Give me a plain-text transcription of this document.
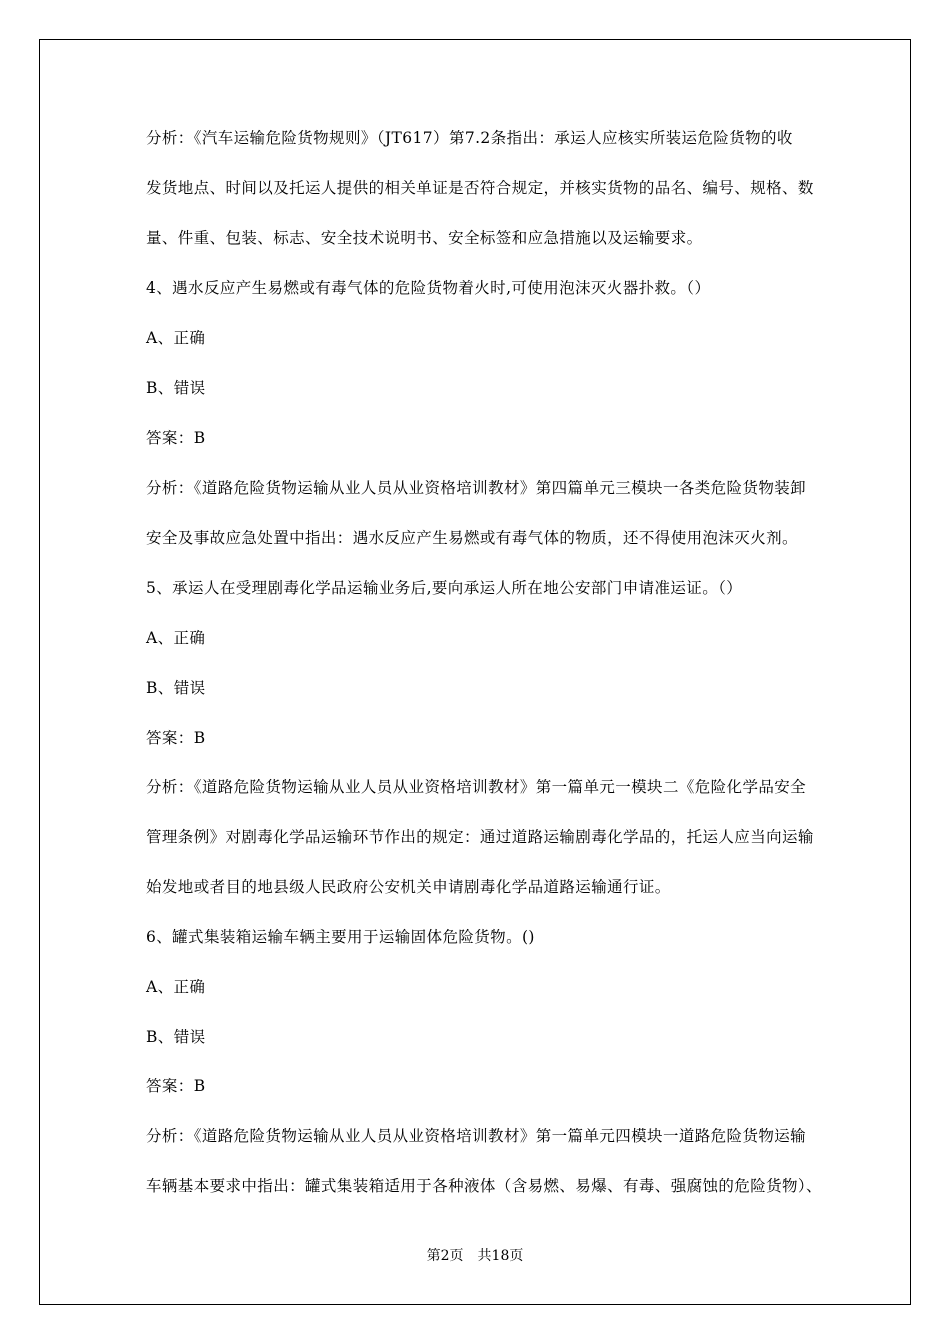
分析：《汽车运输危险货物规则》（JT617）第7.2条指出：承运人应核实所装运危险货物的收
发货地点、时间以及托运人提供的相关单证是否符合规定，并核实货物的品名、编号、规格、数
量、件重、包装、标志、安全技术说明书、安全标签和应急措施以及运输要求。
4、遇水反应产生易燃或有毒气体的危险货物着火时,可使用泡沫灭火器扑救。（）
A、正确
B、错误
答案：B
分析：《道路危险货物运输从业人员从业资格培训教材》第四篇单元三模块一各类危险货物装卸
安全及事故应急处置中指出：遇水反应产生易燃或有毒气体的物质，还不得使用泡沫灭火剂。
5、承运人在受理剧毒化学品运输业务后,要向承运人所在地公安部门申请准运证。（）
A、正确
B、错误
答案：B
分析：《道路危险货物运输从业人员从业资格培训教材》第一篇单元一模块二《危险化学品安全
管理条例》对剧毒化学品运输环节作出的规定：通过道路运输剧毒化学品的，托运人应当向运输
始发地或者目的地县级人民政府公安机关申请剧毒化学品道路运输通行证。
6、罐式集装箱运输车辆主要用于运输固体危险货物。()
A、正确
B、错误
答案：B
分析：《道路危险货物运输从业人员从业资格培训教材》第一篇单元四模块一道路危险货物运输
车辆基本要求中指出：罐式集装箱适用于各种液体（含易燃、易爆、有毒、强腐蚀的危险货物）、
第2页　共18页
